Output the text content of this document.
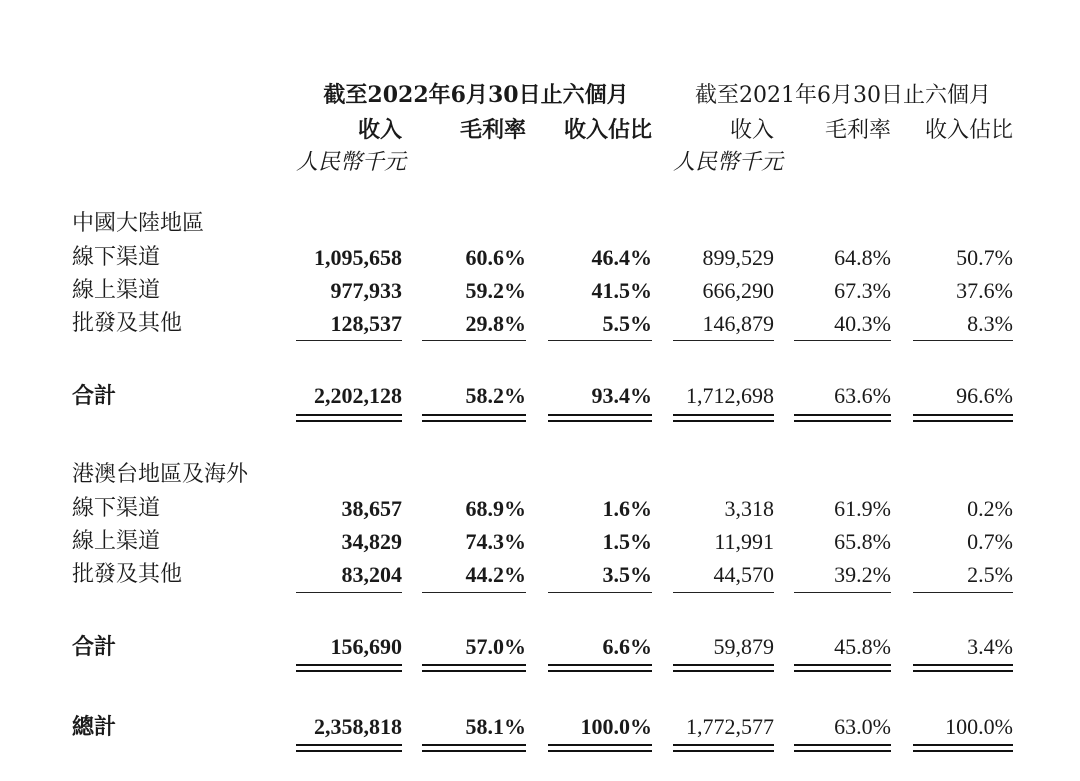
截至2022年6月30日止六個月	截至2021年6月30日止六個月
收入	毛利率	收入佔比	收入	毛利率	收入佔比
人民幣千元	人民幣千元
中國大陸地區
線下渠道	1,095,658	60.6%	46.4%	899,529	64.8%	50.7%
線上渠道	977,933	59.2%	41.5%	666,290	67.3%	37.6%
批發及其他	128,537	29.8%	5.5%	146,879	40.3%	8.3%
合計	2,202,128	58.2%	93.4%	1,712,698	63.6%	96.6%
港澳台地區及海外
線下渠道	38,657	68.9%	1.6%	3,318	61.9%	0.2%
線上渠道	34,829	74.3%	1.5%	11,991	65.8%	0.7%
批發及其他	83,204	44.2%	3.5%	44,570	39.2%	2.5%
合計	156,690	57.0%	6.6%	59,879	45.8%	3.4%
總計	2,358,818	58.1%	100.0%	1,772,577	63.0%	100.0%
